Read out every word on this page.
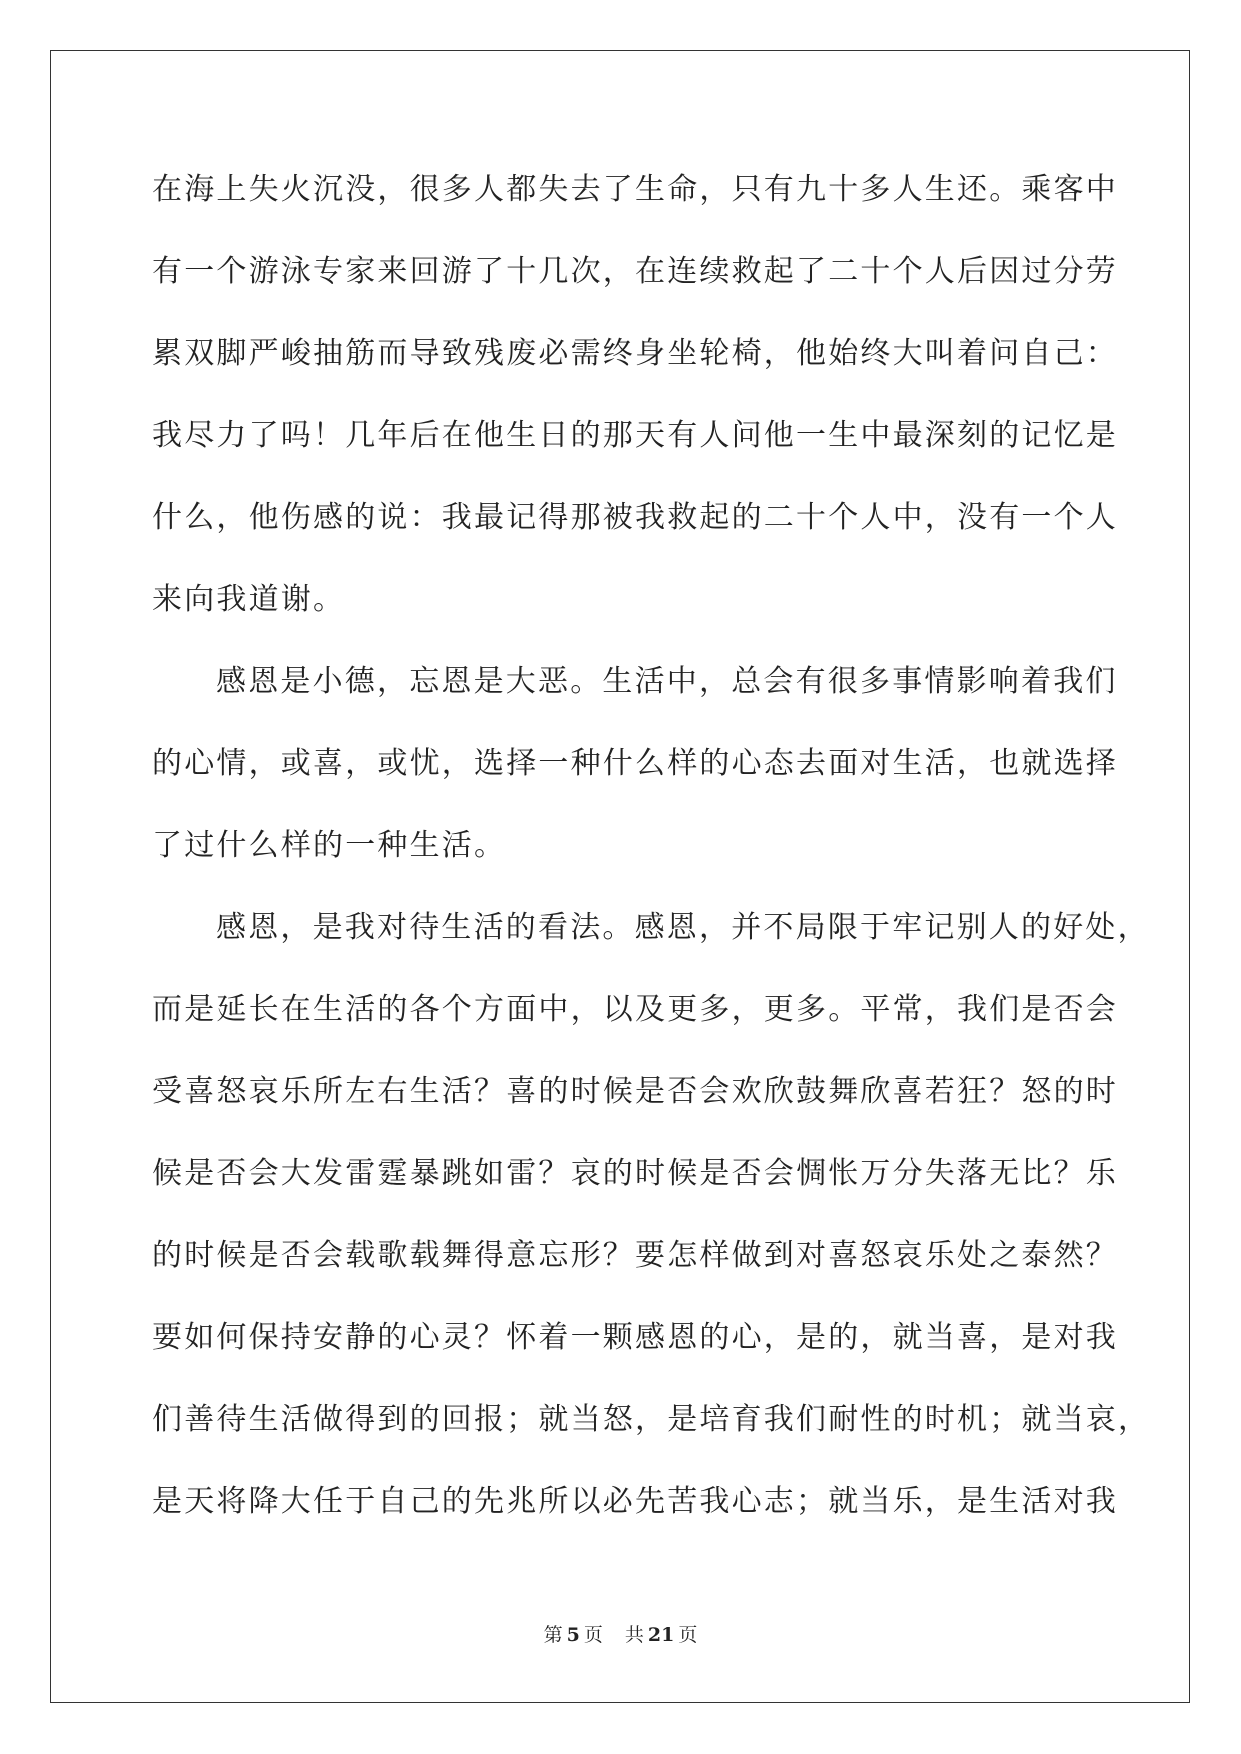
在海上失火沉没，很多人都失去了生命，只有九十多人生还。乘客中
有一个游泳专家来回游了十几次，在连续救起了二十个人后因过分劳
累双脚严峻抽筋而导致残废必需终身坐轮椅，他始终大叫着问自己：
我尽力了吗！几年后在他生日的那天有人问他一生中最深刻的记忆是
什么，他伤感的说：我最记得那被我救起的二十个人中，没有一个人
来向我道谢。
感恩是小德，忘恩是大恶。生活中，总会有很多事情影响着我们
的心情，或喜，或忧，选择一种什么样的心态去面对生活，也就选择
了过什么样的一种生活。
感恩，是我对待生活的看法。感恩，并不局限于牢记别人的好处，
而是延长在生活的各个方面中，以及更多，更多。平常，我们是否会
受喜怒哀乐所左右生活？喜的时候是否会欢欣鼓舞欣喜若狂？怒的时
候是否会大发雷霆暴跳如雷？哀的时候是否会惆怅万分失落无比？乐
的时候是否会载歌载舞得意忘形？要怎样做到对喜怒哀乐处之泰然？
要如何保持安静的心灵？怀着一颗感恩的心，是的，就当喜，是对我
们善待生活做得到的回报；就当怒，是培育我们耐性的时机；就当哀，
是天将降大任于自己的先兆所以必先苦我心志；就当乐，是生活对我
第 5 页 共 21 页
